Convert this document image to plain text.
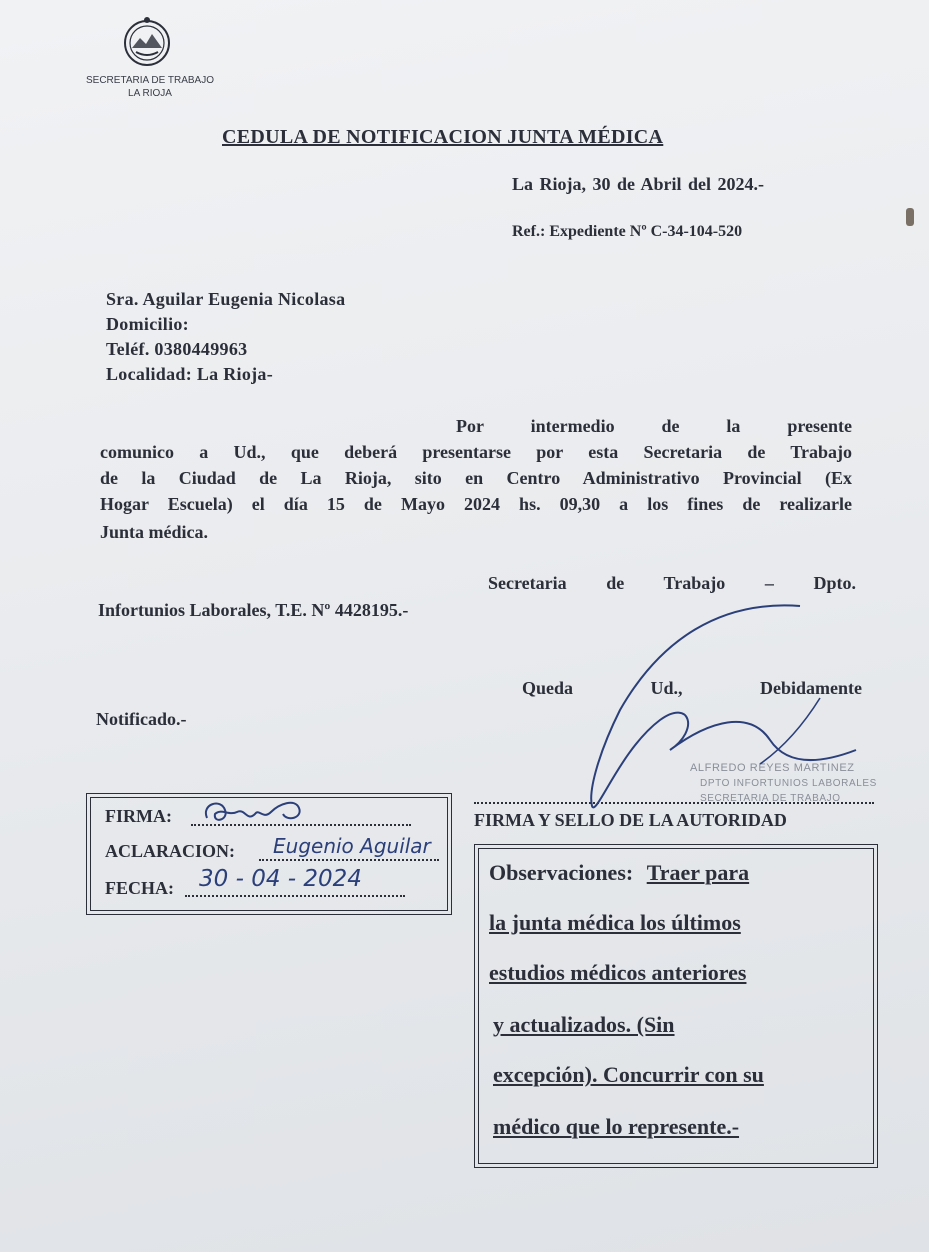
SECRETARIA DE TRABAJO
LA RIOJA
CEDULA DE NOTIFICACION JUNTA MÉDICA
La Rioja, 30 de Abril del 2024.-
Ref.: Expediente Nº C-34-104-520
Sra. Aguilar Eugenia Nicolasa
Domicilio:
Teléf. 0380449963
Localidad: La Rioja-
Por intermedio de la presente
comunico a Ud., que deberá presentarse por esta Secretaria de Trabajo
de la Ciudad de La Rioja, sito en Centro Administrativo Provincial (Ex
Hogar Escuela) el día 15 de Mayo 2024 hs. 09,30 a los fines de realizarle
Junta médica.
Secretaria de Trabajo – Dpto.
Infortunios Laborales, T.E. Nº 4428195.-
Queda Ud., Debidamente
Notificado.-
FIRMA:
ACLARACION: Eugenio Aguilar
FECHA: 30 - 04 - 2024
ALFREDO REYES MARTINEZ
DPTO INFORTUNIOS LABORALES
SECRETARIA DE TRABAJO
FIRMA Y SELLO DE LA AUTORIDAD
Observaciones: Traer para
la junta médica los últimos
estudios médicos anteriores
y actualizados. (Sin
excepción). Concurrir con su
médico que lo represente.-
